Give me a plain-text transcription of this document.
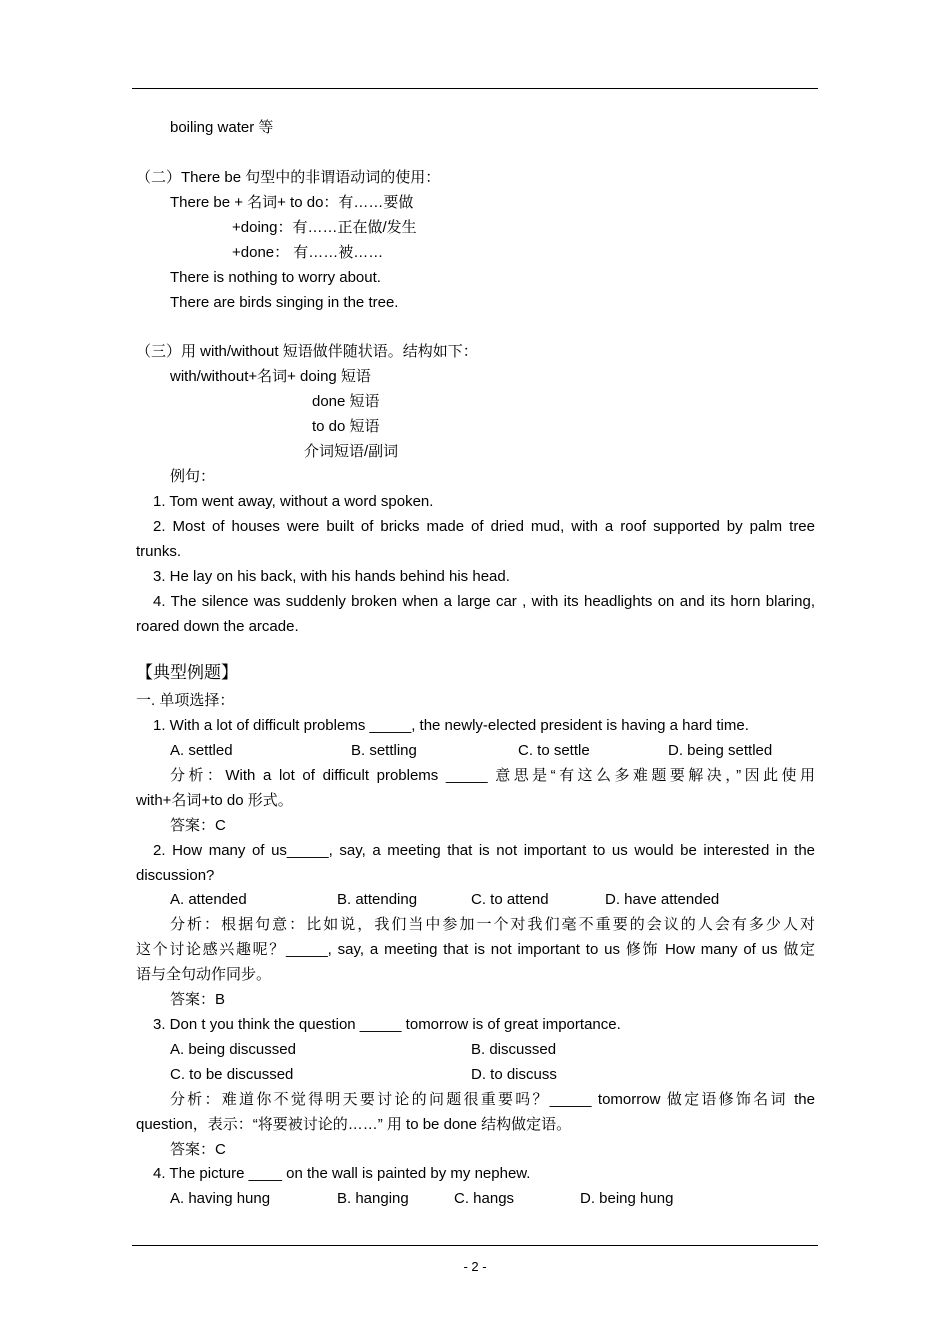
boiling water 等
（二）There be 句型中的非谓语动词的使用：
There be + 名词+ to do：有……要做
+doing：有……正在做/发生
+done： 有……被……
There is nothing to worry about.
There are birds singing in the tree.
（三）用 with/without 短语做伴随状语。结构如下：
with/without+名词+ doing 短语
done 短语
to do 短语
介词短语/副词
例句：
1. Tom went away, without a word spoken.
2. Most of houses were built of bricks made of dried mud, with a roof supported by palm tree
trunks.
3. He lay on his back, with his hands behind his head.
4. The silence was suddenly broken when a large car , with its headlights on and its horn blaring,
roared down the arcade.
【典型例题】
一. 单项选择：
1. With a lot of difficult problems _____, the newly-elected president is having a hard time.
A. settled	B. settling	C. to settle	D. being settled
分析：With a lot of difficult problems _____ 意思是“有这么多难题要解决，”因此使用
with+名词+to do 形式。
答案：C
2. How many of us_____, say, a meeting that is not important to us would be interested in the
discussion?
A. attended	B. attending	C. to attend	D. have attended
分析：根据句意：比如说，我们当中参加一个对我们毫不重要的会议的人会有多少人对
这个讨论感兴趣呢？_____, say, a meeting that is not important to us 修饰 How many of us 做定
语与全句动作同步。
答案：B
3. Don t you think the question _____ tomorrow is of great importance.
A. being discussed	B. discussed
C. to be discussed	D. to discuss
分析：难道你不觉得明天要讨论的问题很重要吗？_____ tomorrow 做定语修饰名词 the
question，表示：“将要被讨论的……” 用 to be done 结构做定语。
答案：C
4. The picture ____ on the wall is painted by my nephew.
A. having hung	B. hanging	C. hangs	D. being hung
- 2 -
